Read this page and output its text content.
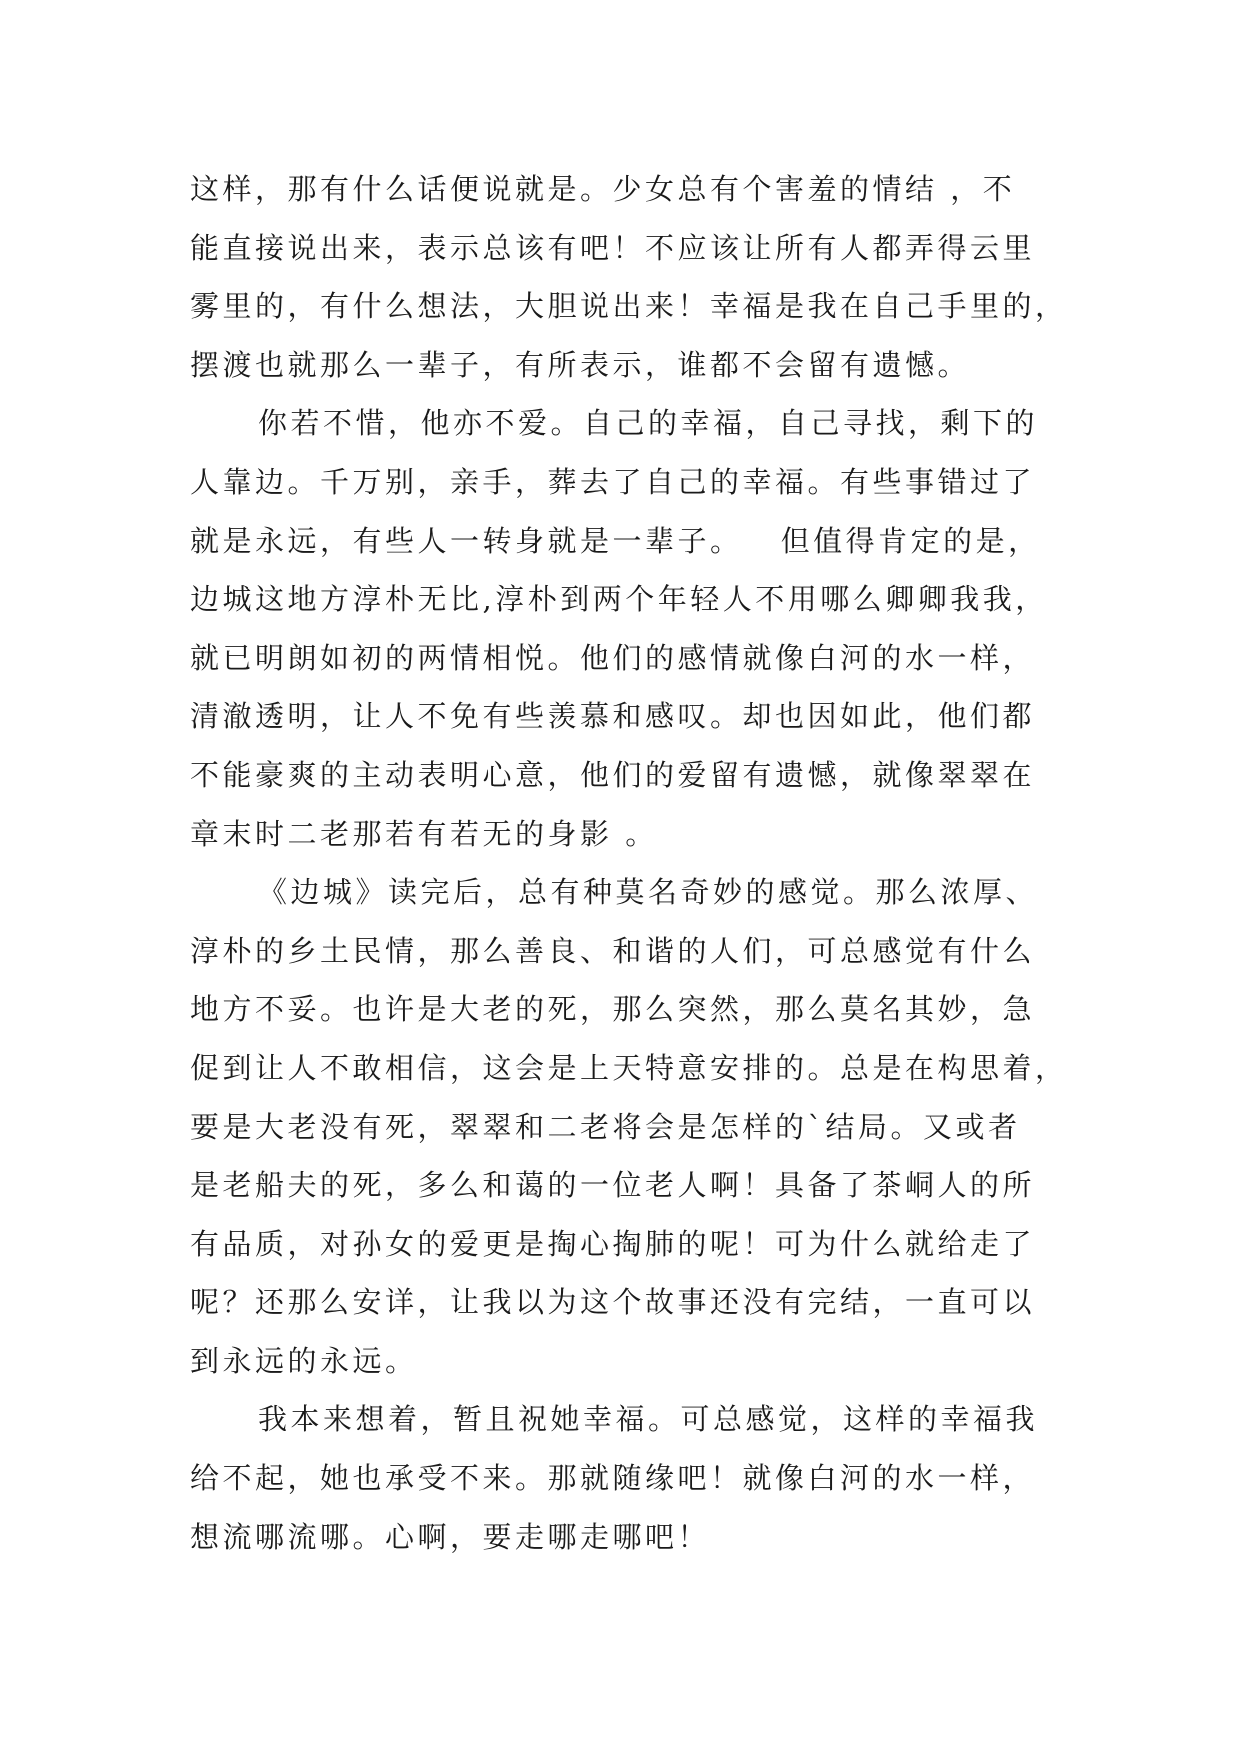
这样，那有什么话便说就是。少女总有个害羞的情结 ，不
能直接说出来，表示总该有吧！不应该让所有人都弄得云里
雾里的，有什么想法，大胆说出来！幸福是我在自己手里的，
摆渡也就那么一辈子，有所表示，谁都不会留有遗憾。
你若不惜，他亦不爱。自己的幸福，自己寻找，剩下的
人靠边。千万别，亲手，葬去了自己的幸福。有些事错过了
就是永远，有些人一转身就是一辈子。   但值得肯定的是，
边城这地方淳朴无比,淳朴到两个年轻人不用哪么卿卿我我，
就已明朗如初的两情相悦。他们的感情就像白河的水一样，
清澈透明，让人不免有些羡慕和感叹。却也因如此，他们都
不能豪爽的主动表明心意，他们的爱留有遗憾，就像翠翠在
章末时二老那若有若无的身影 。
《边城》读完后，总有种莫名奇妙的感觉。那么浓厚、
淳朴的乡土民情，那么善良、和谐的人们，可总感觉有什么
地方不妥。也许是大老的死，那么突然，那么莫名其妙，急
促到让人不敢相信，这会是上天特意安排的。总是在构思着，
要是大老没有死，翠翠和二老将会是怎样的`结局。又或者
是老船夫的死，多么和蔼的一位老人啊！具备了茶峒人的所
有品质，对孙女的爱更是掏心掏肺的呢！可为什么就给走了
呢？还那么安详，让我以为这个故事还没有完结，一直可以
到永远的永远。
我本来想着，暂且祝她幸福。可总感觉，这样的幸福我
给不起，她也承受不来。那就随缘吧！就像白河的水一样，
想流哪流哪。心啊，要走哪走哪吧！
